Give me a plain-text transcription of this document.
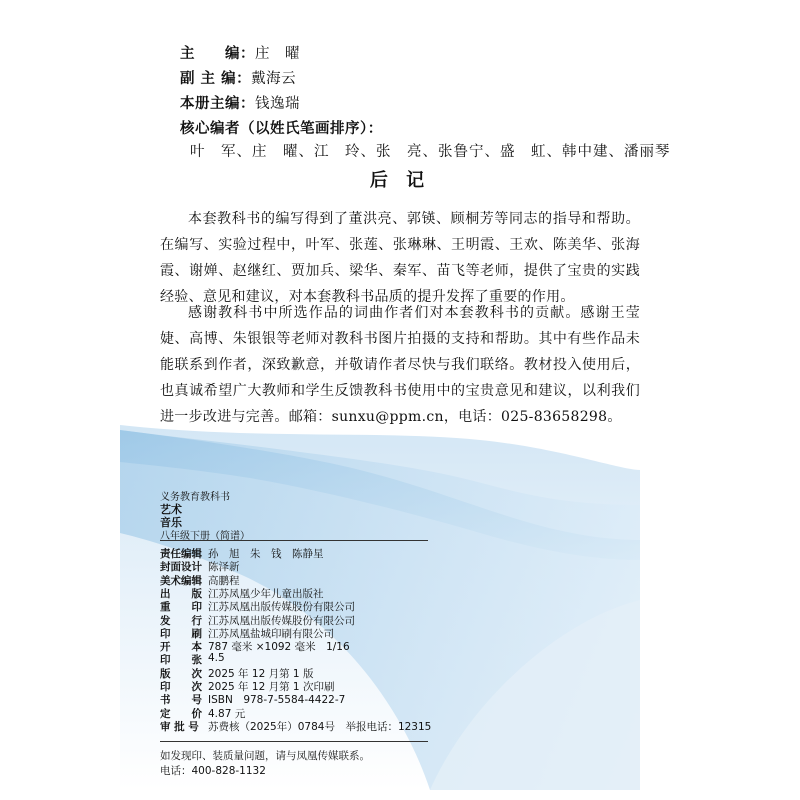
主　　编：庄　曜
副 主 编：戴海云
本册主编：钱逸瑞
核心编者（以姓氏笔画排序）：
叶　军、庄　曜、江　玲、张　亮、张鲁宁、盛　虹、韩中建、潘丽琴
后 记
本套教科书的编写得到了董洪亮、郭锳、顾桐芳等同志的指导和帮助。在编写、实验过程中，叶军、张莲、张琳琳、王明霞、王欢、陈美华、张海霞、谢婵、赵继红、贾加兵、梁华、秦军、苗飞等老师，提供了宝贵的实践经验、意见和建议，对本套教科书品质的提升发挥了重要的作用。
感谢教科书中所选作品的词曲作者们对本套教科书的贡献。感谢王莹婕、高博、朱银银等老师对教科书图片拍摄的支持和帮助。其中有些作品未能联系到作者，深致歉意，并敬请作者尽快与我们联络。教材投入使用后，也真诚希望广大教师和学生反馈教科书使用中的宝贵意见和建议，以利我们进一步改进与完善。邮箱：sunxu@ppm.cn，电话：025-83658298。
义务教育教科书
艺术
音乐
八年级下册（简谱）
责任编辑 孙　旭　朱　钱　陈静星
封面设计 陈泽新
美术编辑 高鹏程
出　　版 江苏凤凰少年儿童出版社
重　　印 江苏凤凰出版传媒股份有限公司
发　　行 江苏凤凰出版传媒股份有限公司
印　　刷 江苏凤凰盐城印刷有限公司
开　　本 787 毫米 ×1092 毫米　1/16
印　　张 4.5
版　　次 2025 年 12 月第 1 版
印　　次 2025 年 12 月第 1 次印刷
书　　号 ISBN　978-7-5584-4422-7
定　　价 4.87 元
审 批 号 苏费核（2025年）0784号　举报电话：12315
如发现印、装质量问题，请与凤凰传媒联系。
电话：400-828-1132
